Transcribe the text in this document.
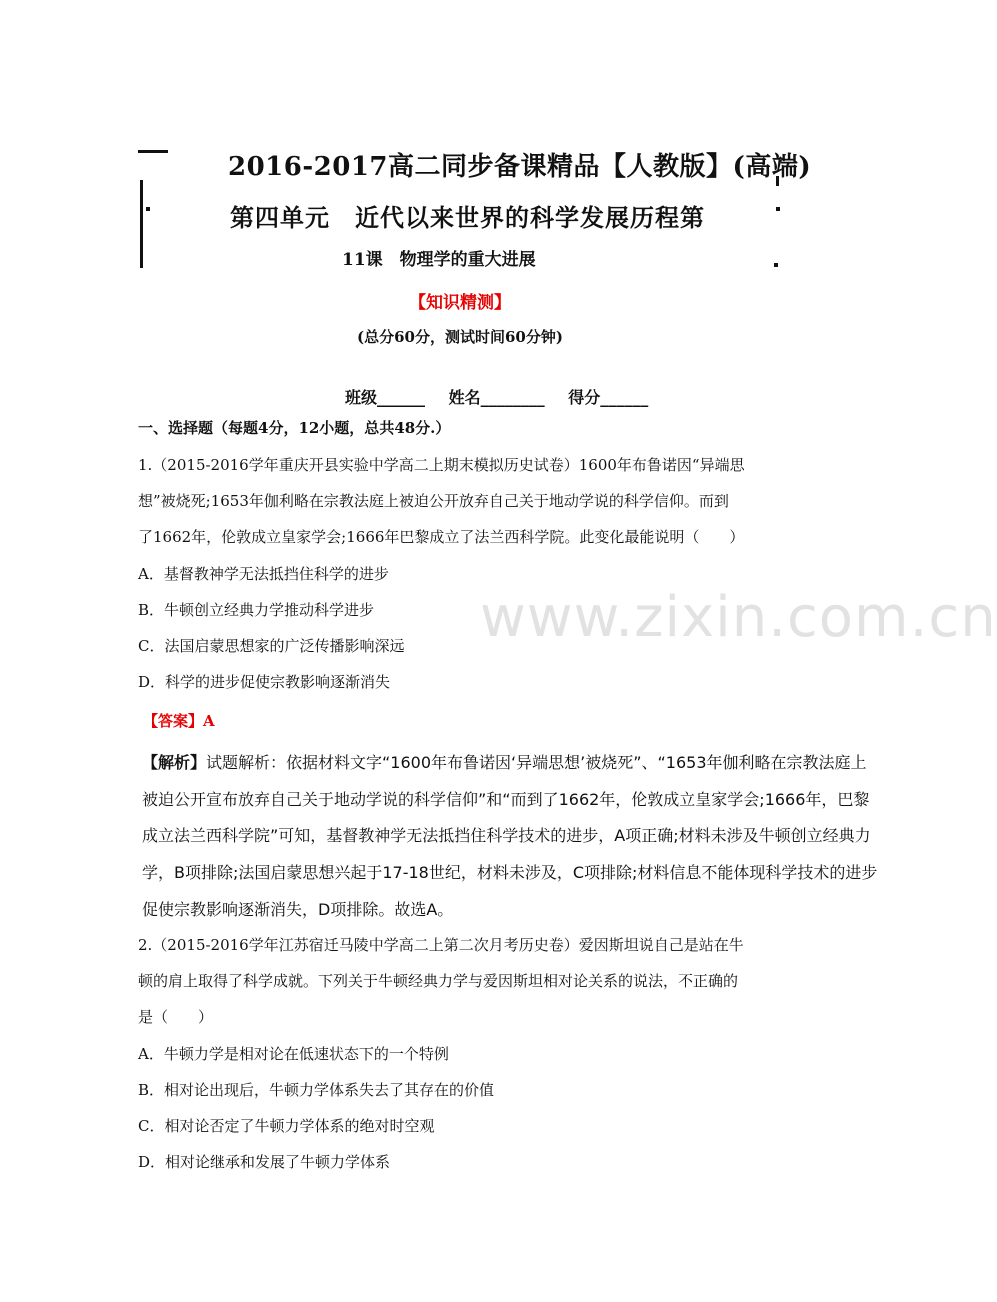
2016-2017高二同步备课精品【人教版】(高端)
第四单元　近代以来世界的科学发展历程第
11课　物理学的重大进展
【知识精测】
(总分60分，测试时间60分钟)
班级______ 姓名________ 得分______
一、选择题（每题4分，12小题，总共48分.）
1.（2015-2016学年重庆开县实验中学高二上期末模拟历史试卷）1600年布鲁诺因“异端思
想”被烧死;1653年伽利略在宗教法庭上被迫公开放弃自己关于地动学说的科学信仰。而到
了1662年，伦敦成立皇家学会;1666年巴黎成立了法兰西科学院。此变化最能说明（　　）
A．基督教神学无法抵挡住科学的进步
B．牛顿创立经典力学推动科学进步
C．法国启蒙思想家的广泛传播影响深远
D．科学的进步促使宗教影响逐渐消失
【答案】A
【解析】试题解析：依据材料文字“1600年布鲁诺因‘异端思想’被烧死”、“1653年伽利略在宗教法庭上
被迫公开宣布放弃自己关于地动学说的科学信仰”和“而到了1662年，伦敦成立皇家学会;1666年，巴黎
成立法兰西科学院”可知，基督教神学无法抵挡住科学技术的进步，A项正确;材料未涉及牛顿创立经典力
学，B项排除;法国启蒙思想兴起于17-18世纪，材料未涉及，C项排除;材料信息不能体现科学技术的进步
促使宗教影响逐渐消失，D项排除。故选A。
2.（2015-2016学年江苏宿迁马陵中学高二上第二次月考历史卷）爱因斯坦说自己是站在牛
顿的肩上取得了科学成就。下列关于牛顿经典力学与爱因斯坦相对论关系的说法，不正确的
是（　　）
A．牛顿力学是相对论在低速状态下的一个特例
B．相对论出现后，牛顿力学体系失去了其存在的价值
C．相对论否定了牛顿力学体系的绝对时空观
D．相对论继承和发展了牛顿力学体系
www.zixin.com.cn
